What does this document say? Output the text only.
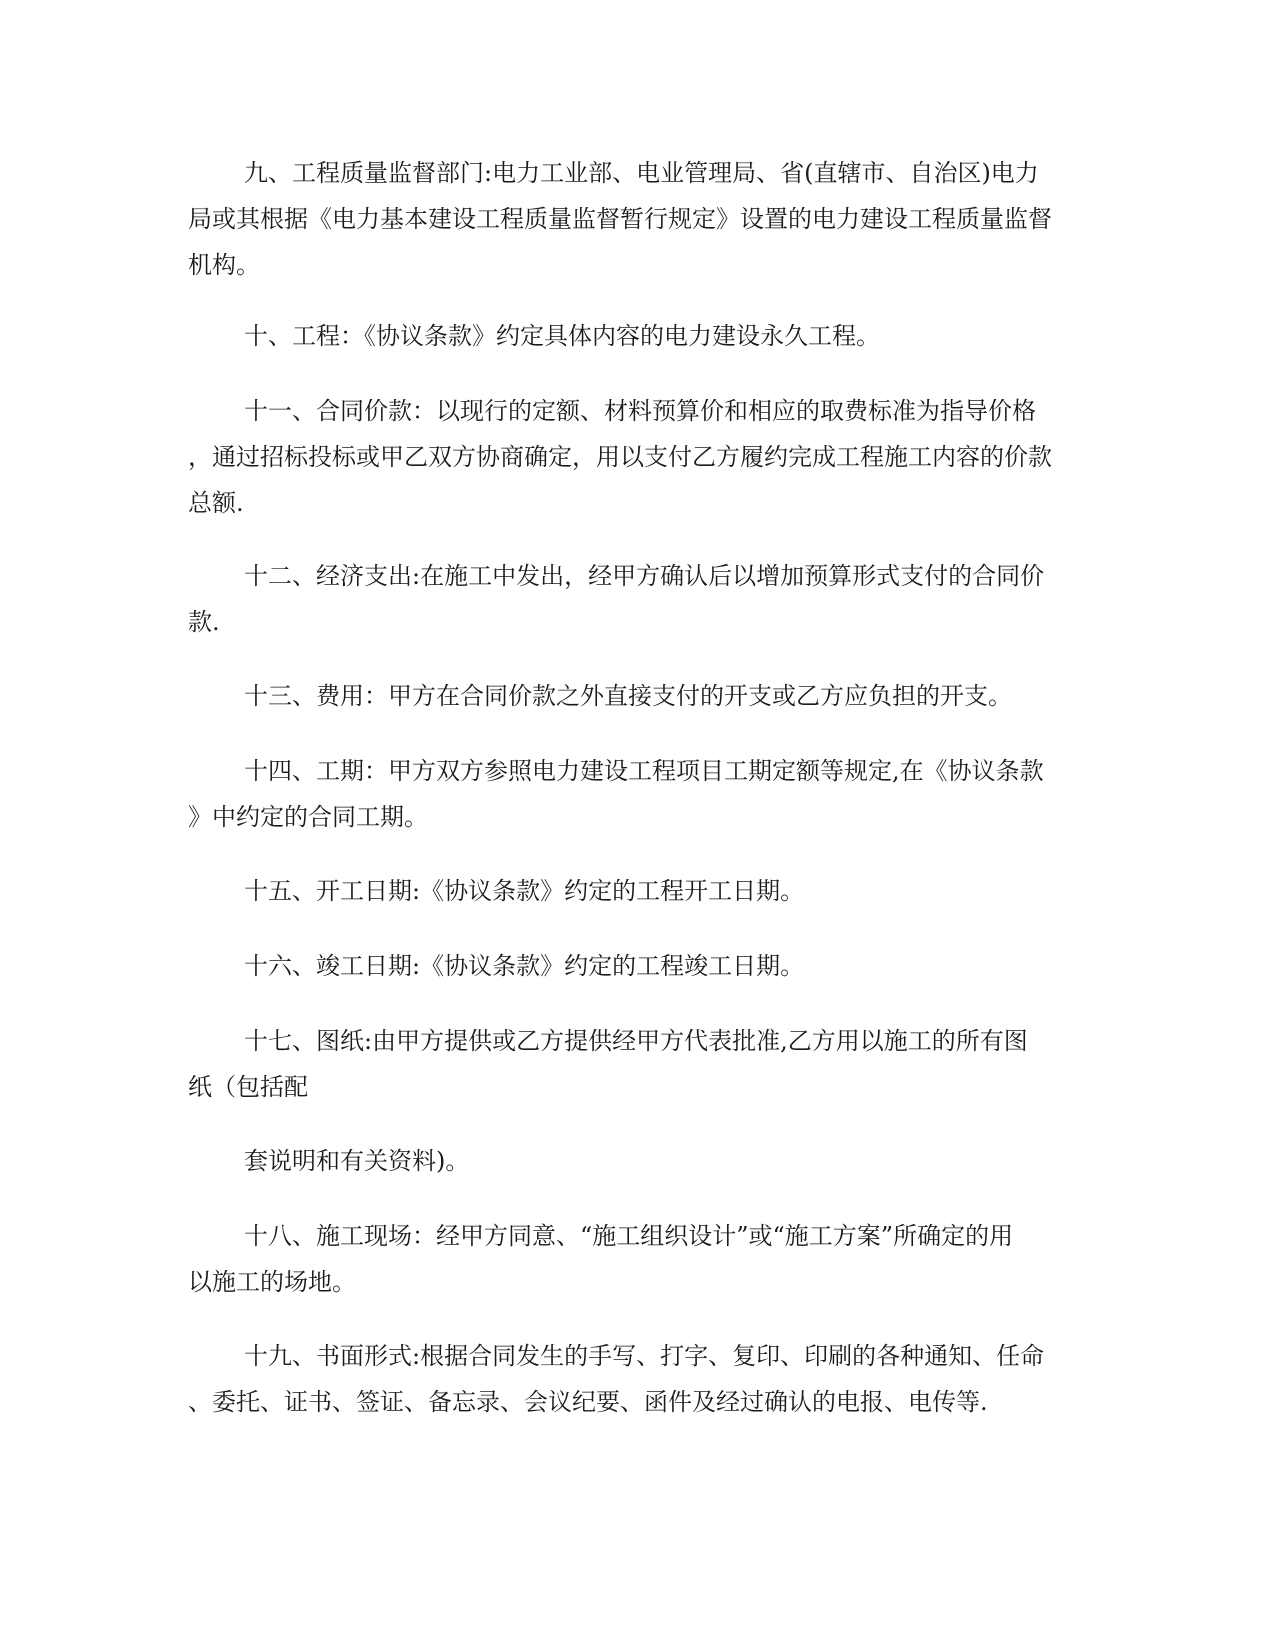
九、工程质量监督部门:电力工业部、电业管理局、省(直辖市、自治区)电力
局或其根据《电力基本建设工程质量监督暂行规定》设置的电力建设工程质量监督
机构。
十、工程：《协议条款》约定具体内容的电力建设永久工程。
十一、合同价款：以现行的定额、材料预算价和相应的取费标准为指导价格
，通过招标投标或甲乙双方协商确定，用以支付乙方履约完成工程施工内容的价款
总额.
十二、经济支出:在施工中发出，经甲方确认后以增加预算形式支付的合同价
款.
十三、费用：甲方在合同价款之外直接支付的开支或乙方应负担的开支。
十四、工期：甲方双方参照电力建设工程项目工期定额等规定,在《协议条款
》中约定的合同工期。
十五、开工日期:《协议条款》约定的工程开工日期。
十六、竣工日期:《协议条款》约定的工程竣工日期。
十七、图纸:由甲方提供或乙方提供经甲方代表批准,乙方用以施工的所有图
纸（包括配
套说明和有关资料)。
十八、施工现场：经甲方同意、“施工组织设计”或“施工方案”所确定的用
以施工的场地。
十九、书面形式:根据合同发生的手写、打字、复印、印刷的各种通知、任命
、委托、证书、签证、备忘录、会议纪要、函件及经过确认的电报、电传等.
